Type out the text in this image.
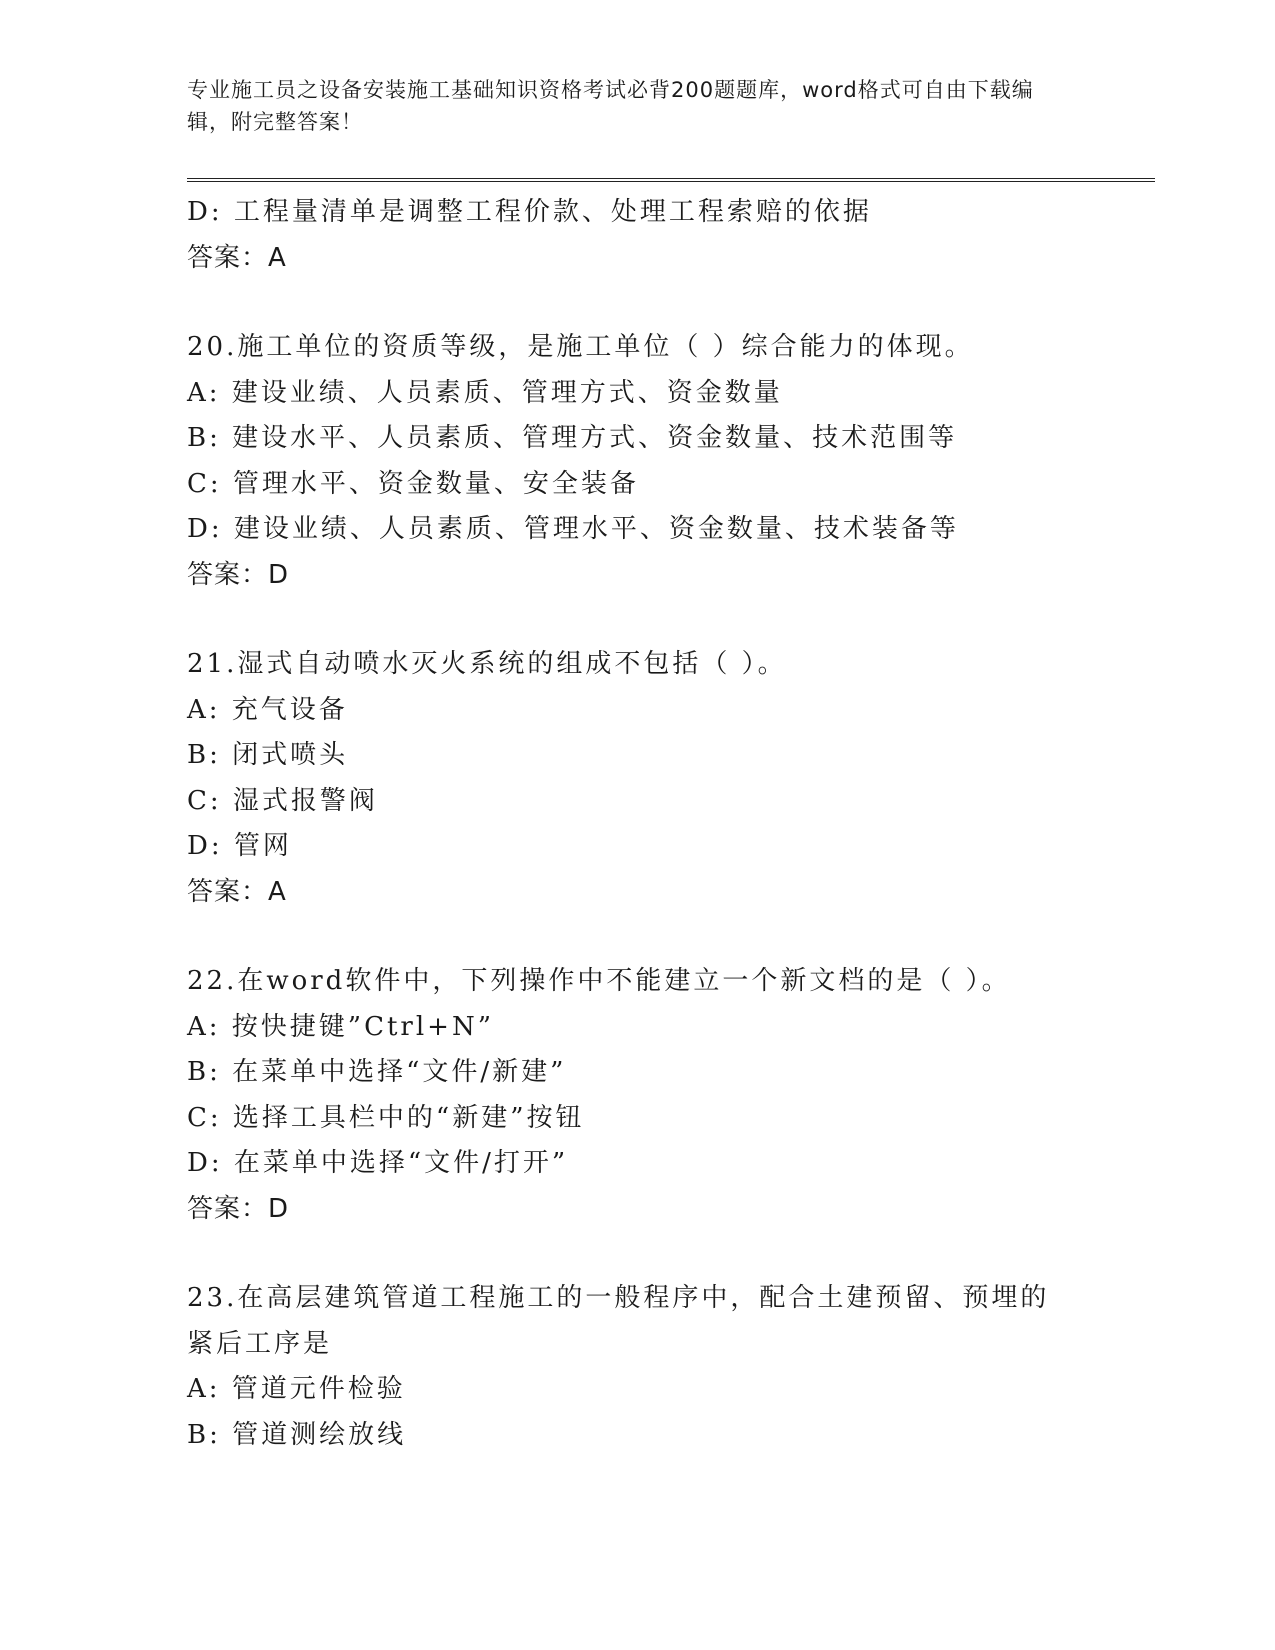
专业施工员之设备安装施工基础知识资格考试必背200题题库，word格式可自由下载编辑，附完整答案！
D: 工程量清单是调整工程价款、处理工程索赔的依据
答案：A
20.施工单位的资质等级，是施工单位（ ）综合能力的体现。
A: 建设业绩、人员素质、管理方式、资金数量
B: 建设水平、人员素质、管理方式、资金数量、技术范围等
C: 管理水平、资金数量、安全装备
D: 建设业绩、人员素质、管理水平、资金数量、技术装备等
答案：D
21.湿式自动喷水灭火系统的组成不包括（ ）。
A: 充气设备
B: 闭式喷头
C: 湿式报警阀
D: 管网
答案：A
22.在word软件中，下列操作中不能建立一个新文档的是（ ）。
A: 按快捷键”Ctrl+N”
B: 在菜单中选择“文件/新建”
C: 选择工具栏中的“新建”按钮
D: 在菜单中选择“文件/打开”
答案：D
23.在高层建筑管道工程施工的一般程序中，配合土建预留、预埋的紧后工序是
A: 管道元件检验
B: 管道测绘放线
